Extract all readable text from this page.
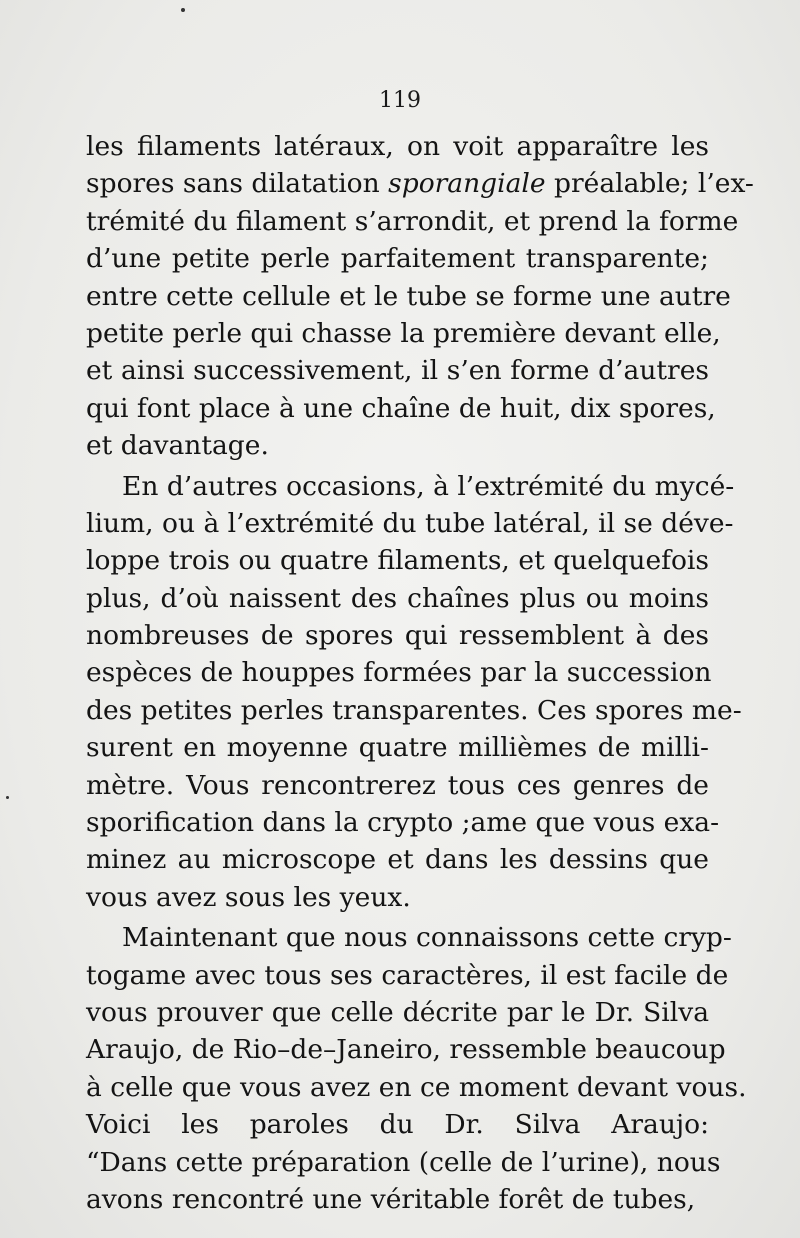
119
les filaments latéraux, on voit apparaître les
spores sans dilatation sporangiale préalable; l’ex-
trémité du filament s’arrondit, et prend la forme
d’une petite perle parfaitement transparente;
entre cette cellule et le tube se forme une autre
petite perle qui chasse la première devant elle,
et ainsi successivement, il s’en forme d’autres
qui font place à une chaîne de huit, dix spores,
et davantage.
En d’autres occasions, à l’extrémité du mycé-
lium, ou à l’extrémité du tube latéral, il se déve-
loppe trois ou quatre filaments, et quelquefois
plus, d’où naissent des chaînes plus ou moins
nombreuses de spores qui ressemblent à des
espèces de houppes formées par la succession
des petites perles transparentes. Ces spores me-
surent en moyenne quatre millièmes de milli-
mètre. Vous rencontrerez tous ces genres de
sporification dans la crypto ;ame que vous exa-
minez au microscope et dans les dessins que
vous avez sous les yeux.
Maintenant que nous connaissons cette cryp-
togame avec tous ses caractères, il est facile de
vous prouver que celle décrite par le Dr. Silva
Araujo, de Rio–de–Janeiro, ressemble beaucoup
à celle que vous avez en ce moment devant vous.
Voici les paroles du Dr. Silva Araujo:
“Dans cette préparation (celle de l’urine), nous
avons rencontré une véritable forêt de tubes,
